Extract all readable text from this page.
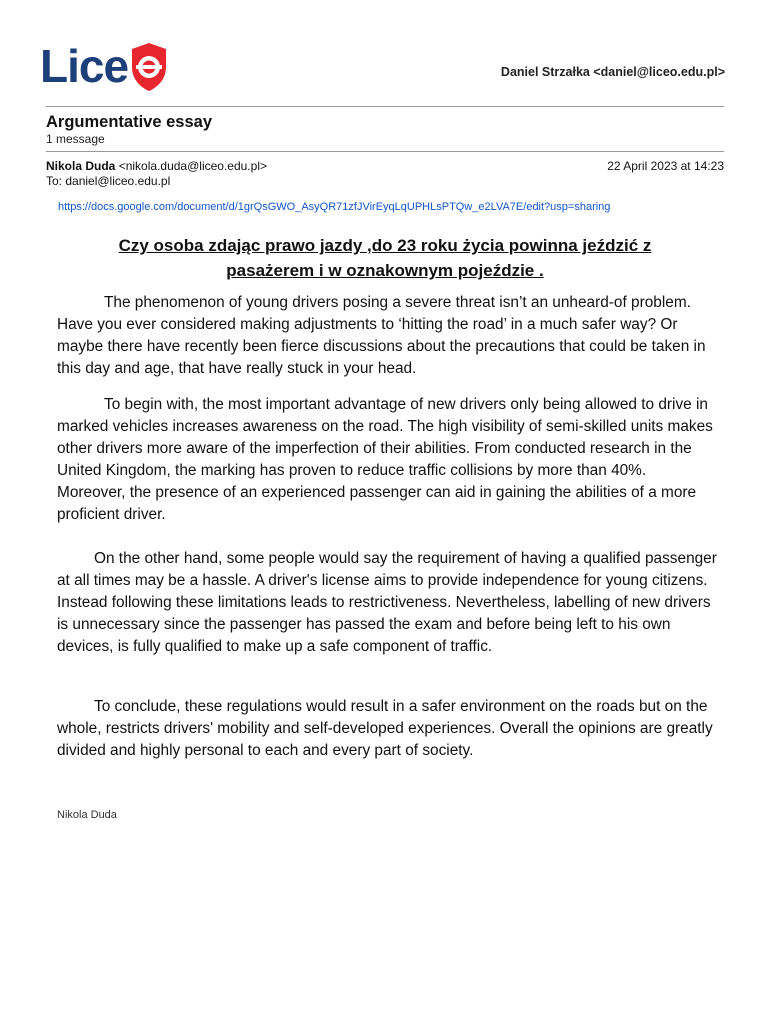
Lice	Daniel Strzałka <daniel@liceo.edu.pl>
Argumentative essay
1 message
Nikola Duda <nikola.duda@liceo.edu.pl>	22 April 2023 at 14:23
To: daniel@liceo.edu.pl
https://docs.google.com/document/d/1grQsGWO_AsyQR71zfJVirEyqLqUPHLsPTQw_e2LVA7E/edit?usp=sharing
Czy osoba zdając prawo jazdy ,do 23 roku życia powinna jeździć z
pasażerem i w oznakownym pojeździe .

The phenomenon of young drivers posing a severe threat isn’t an unheard-of problem. Have you ever considered making adjustments to ‘hitting the road’ in a much safer way? Or maybe there have recently been fierce discussions about the precautions that could be taken in this day and age, that have really stuck in your head.

To begin with, the most important advantage of new drivers only being allowed to drive in marked vehicles increases awareness on the road. The high visibility of semi-skilled units makes other drivers more aware of the imperfection of their abilities. From conducted research in the United Kingdom, the marking has proven to reduce traffic collisions by more than 40%. Moreover, the presence of an experienced passenger can aid in gaining the abilities of a more proficient driver.

On the other hand, some people would say the requirement of having a qualified passenger at all times may be a hassle. A driver's license aims to provide independence for young citizens. Instead following these limitations leads to restrictiveness. Nevertheless, labelling of new drivers is unnecessary since the passenger has passed the exam and before being left to his own devices, is fully qualified to make up a safe component of traffic.

To conclude, these regulations would result in a safer environment on the roads but on the whole, restricts drivers' mobility and self-developed experiences. Overall the opinions are greatly divided and highly personal to each and every part of society.

Nikola Duda
